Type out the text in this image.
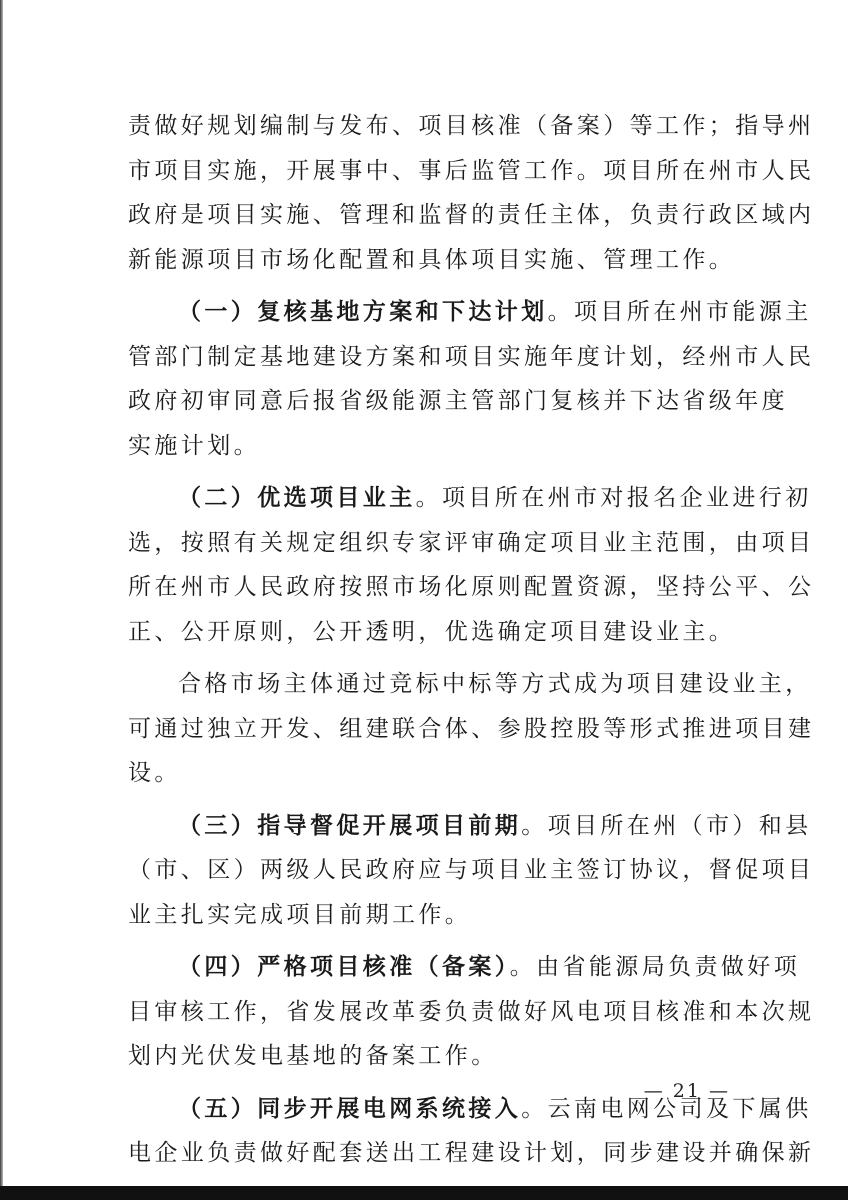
责做好规划编制与发布、项目核准（备案）等工作；指导州
市项目实施，开展事中、事后监管工作。项目所在州市人民
政府是项目实施、管理和监督的责任主体，负责行政区域内
新能源项目市场化配置和具体项目实施、管理工作。
（一）复核基地方案和下达计划。项目所在州市能源主
管部门制定基地建设方案和项目实施年度计划，经州市人民
政府初审同意后报省级能源主管部门复核并下达省级年度
实施计划。
（二）优选项目业主。项目所在州市对报名企业进行初
选，按照有关规定组织专家评审确定项目业主范围，由项目
所在州市人民政府按照市场化原则配置资源，坚持公平、公
正、公开原则，公开透明，优选确定项目建设业主。
合格市场主体通过竞标中标等方式成为项目建设业主，
可通过独立开发、组建联合体、参股控股等形式推进项目建
设。
（三）指导督促开展项目前期。项目所在州（市）和县
（市、区）两级人民政府应与项目业主签订协议，督促项目
业主扎实完成项目前期工作。
（四）严格项目核准（备案）。由省能源局负责做好项
目审核工作，省发展改革委负责做好风电项目核准和本次规
划内光伏发电基地的备案工作。
（五）同步开展电网系统接入。云南电网公司及下属供
电企业负责做好配套送出工程建设计划，同步建设并确保新
— 21 —
